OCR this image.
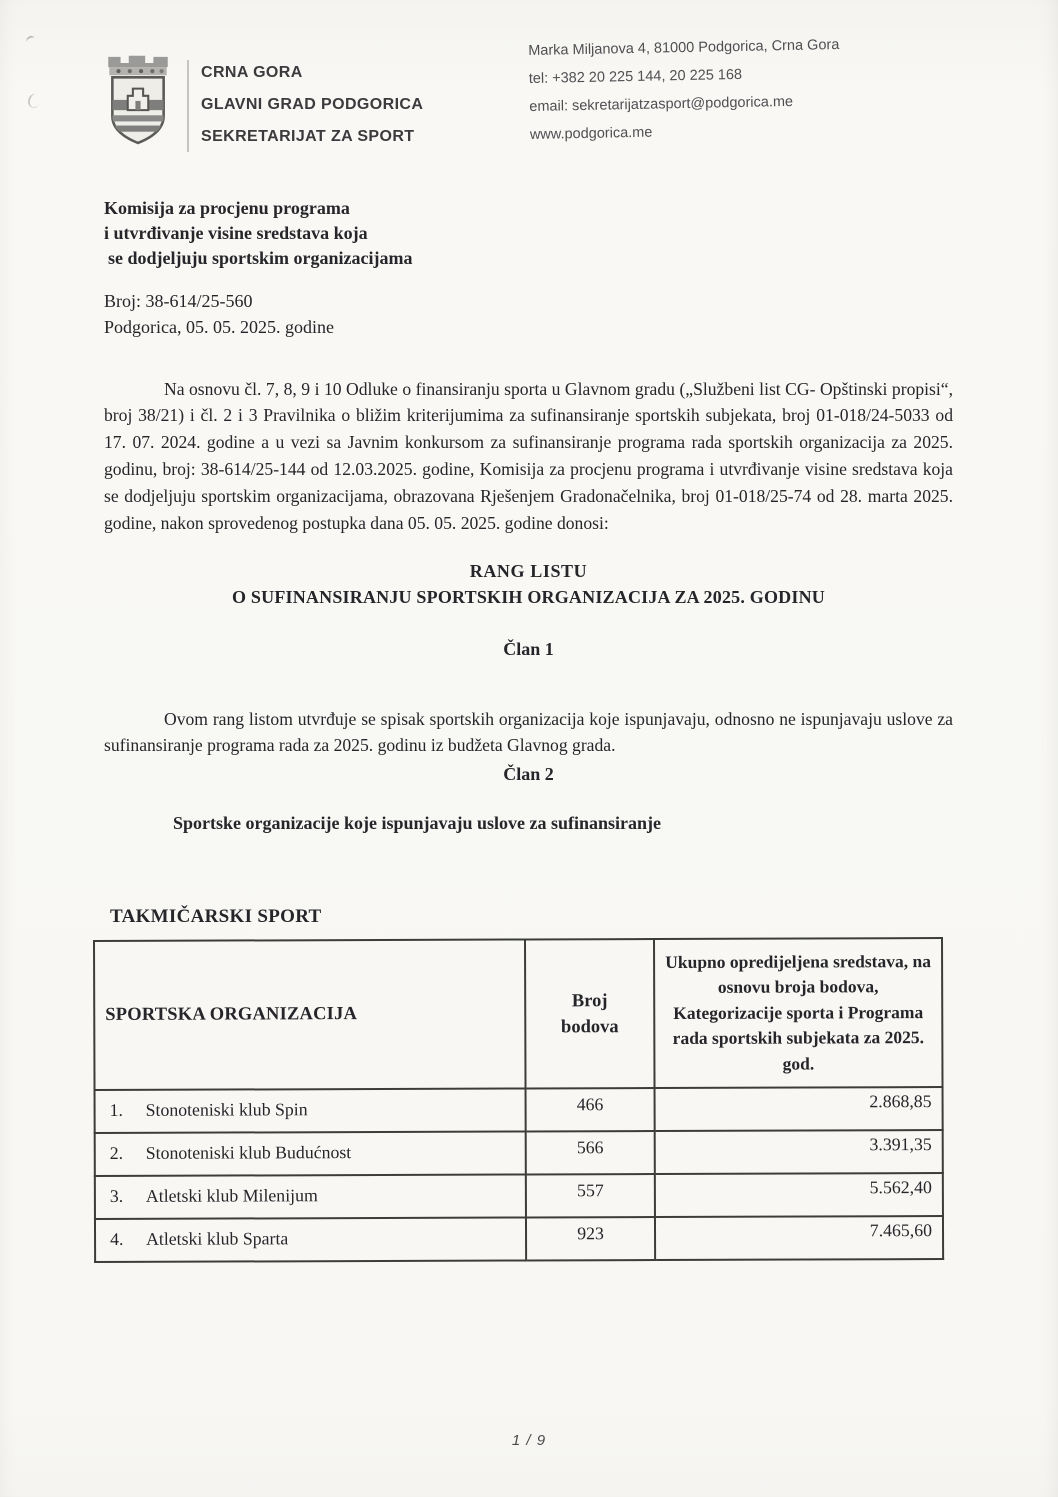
CRNA GORA
GLAVNI GRAD PODGORICA
SEKRETARIJAT ZA SPORT
Marka Miljanova 4, 81000 Podgorica, Crna Gora
tel: +382 20 225 144, 20 225 168
email: sekretarijatzasport@podgorica.me
www.podgorica.me
Komisija za procjenu programa
i utvrđivanje visine sredstava koja
se dodjeljuju sportskim organizacijama
Broj: 38-614/25-560
Podgorica, 05. 05. 2025. godine

Na osnovu čl. 7, 8, 9 i 10 Odluke o finansiranju sporta u Glavnom gradu („Službeni list CG- Opštinski propisi“, broj 38/21) i čl. 2 i 3 Pravilnika o bližim kriterijumima za sufinansiranje sportskih subjekata, broj 01-018/24-5033 od 17. 07. 2024. godine a u vezi sa Javnim konkursom za sufinansiranje programa rada sportskih organizacija za 2025. godinu, broj: 38-614/25-144 od 12.03.2025. godine, Komisija za procjenu programa i utvrđivanje visine sredstava koja se dodjeljuju sportskim organizacijama, obrazovana Rješenjem Gradonačelnika, broj 01-018/25-74 od 28. marta 2025. godine, nakon sprovedenog postupka dana 05. 05. 2025. godine donosi:

RANG LISTU
O SUFINANSIRANJU SPORTSKIH ORGANIZACIJA ZA 2025. GODINU
Član 1

Ovom rang listom utvrđuje se spisak sportskih organizacija koje ispunjavaju, odnosno ne ispunjavaju uslove za sufinansiranje programa rada za 2025. godinu iz budžeta Glavnog grada.

Član 2
Sportske organizacije koje ispunjavaju uslove za sufinansiranje
TAKMIČARSKI SPORT
SPORTSKA ORGANIZACIJA	Broj bodova	Ukupno opredijeljena sredstava, na osnovu broja bodova, Kategorizacije sporta i Programa rada sportskih subjekata za 2025. god.
1. Stonoteniski klub Spin	466	2.868,85
2. Stonoteniski klub Budućnost	566	3.391,35
3. Atletski klub Milenijum	557	5.562,40
4. Atletski klub Sparta	923	7.465,60
1 / 9
